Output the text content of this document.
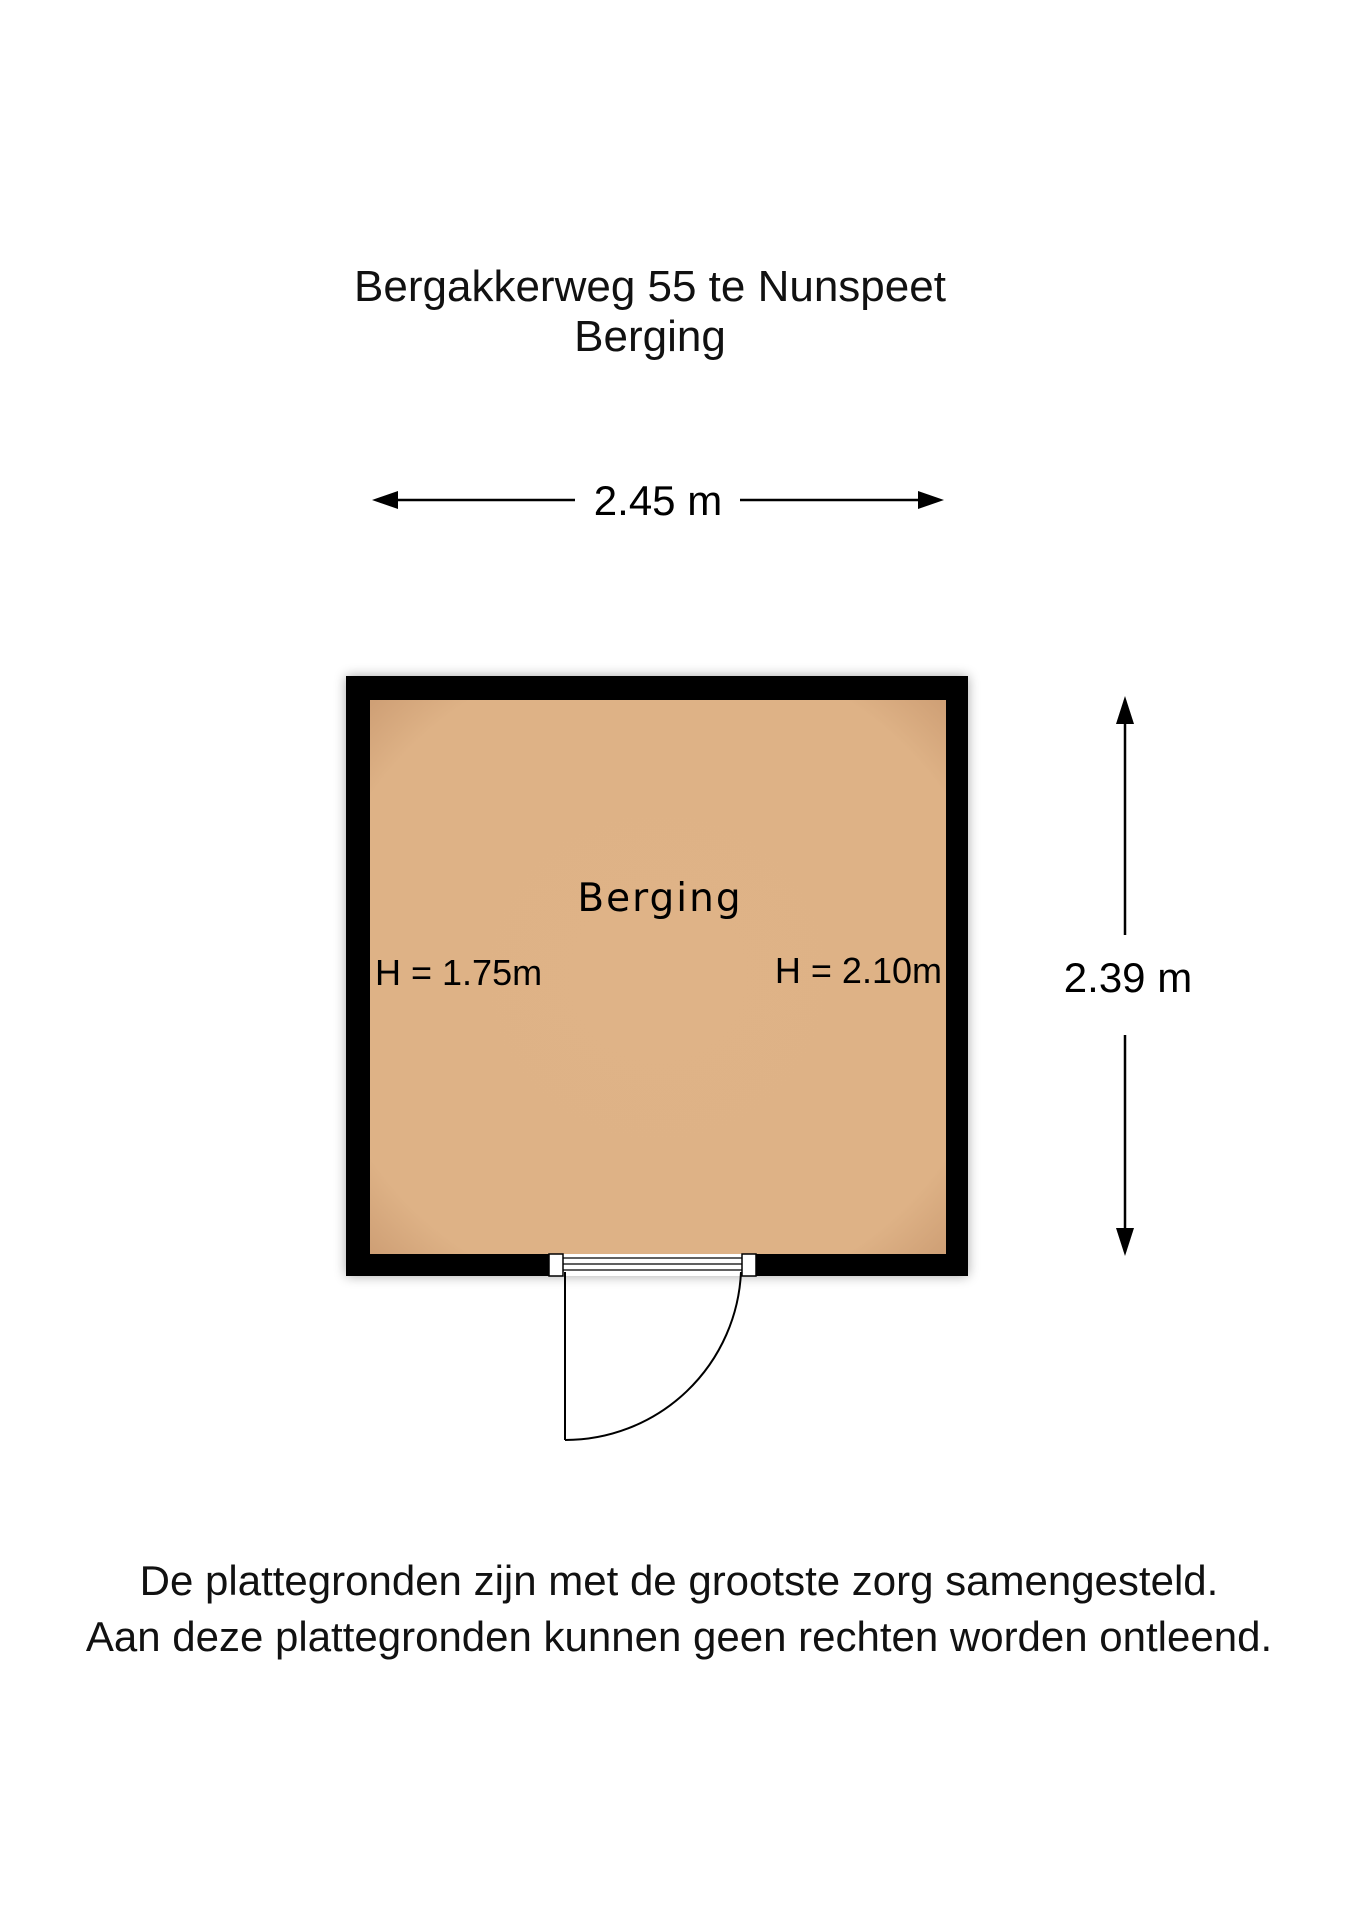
Bergakkerweg 55 te Nunspeet
Berging
2.45 m
2.39 m
Berging
H = 1.75m	H = 2.10m
De plattegronden zijn met de grootste zorg samengesteld.
Aan deze plattegronden kunnen geen rechten worden ontleend.
